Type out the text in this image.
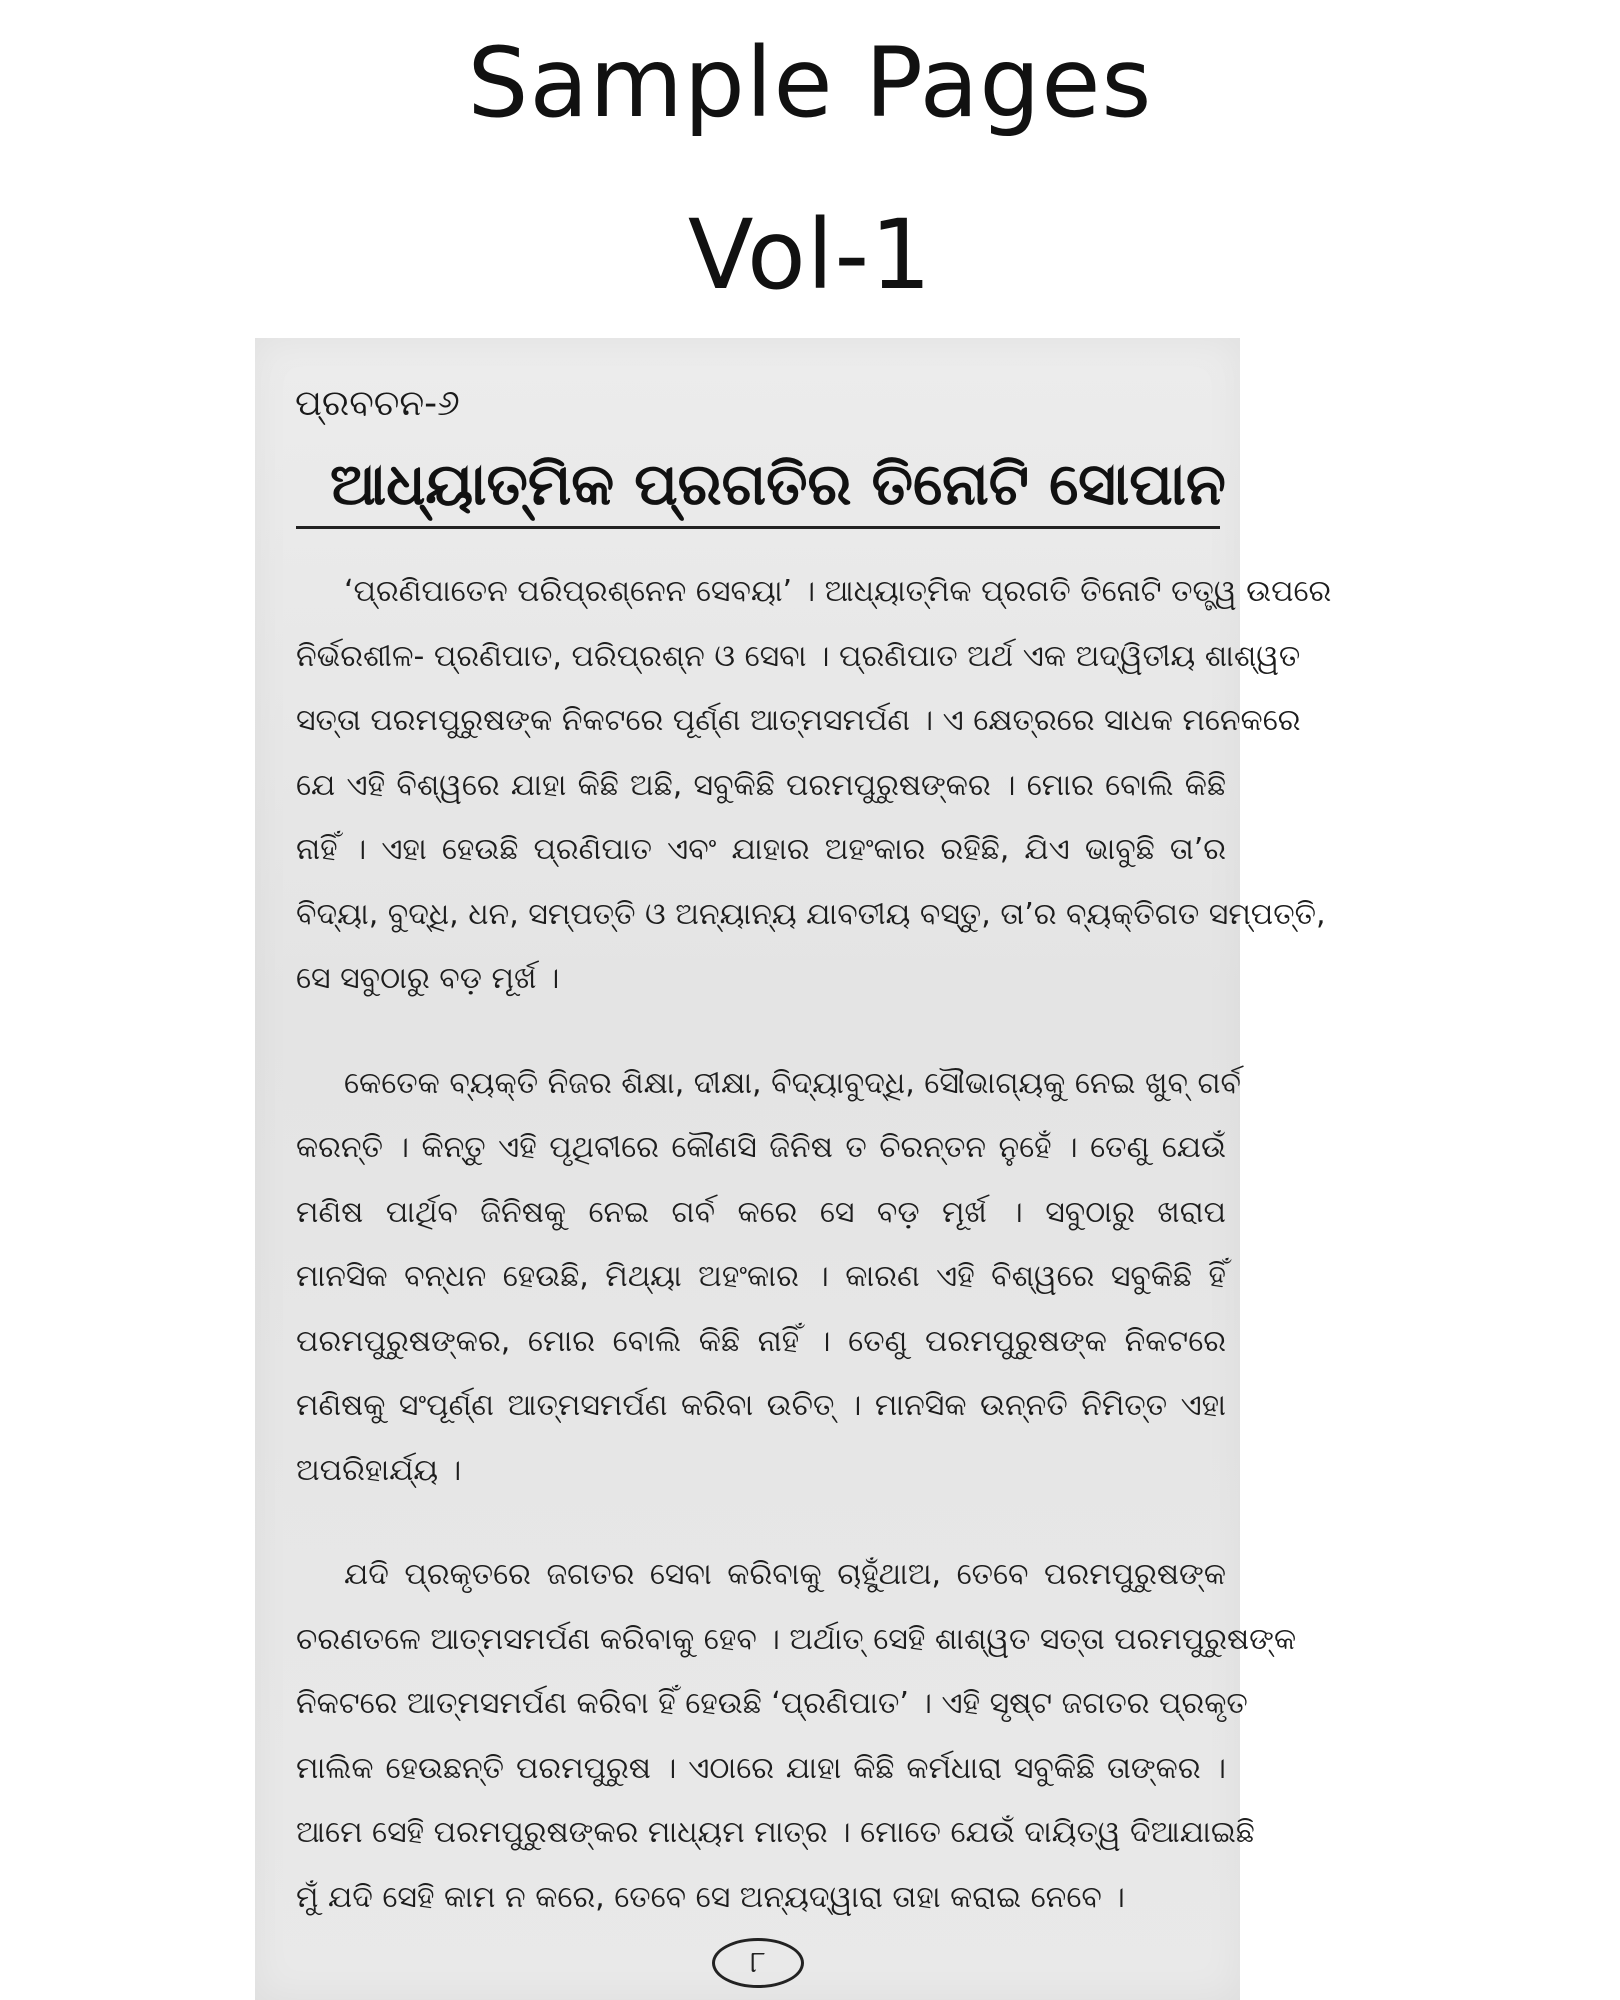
Sample Pages
Vol-1
ପ୍ରବଚନ-୬
ଆଧ୍ୟାତ୍ମିକ ପ୍ରଗତିର ତିନୋଟି ସୋପାନ
‘ପ୍ରଣିପାତେନ ପରିପ୍ରଶ୍ନେନ ସେବୟା’ । ଆଧ୍ୟାତ୍ମିକ ପ୍ରଗତି ତିନୋଟି ତତ୍ତ୍ୱ ଉପରେ
ନିର୍ଭରଶୀଳ- ପ୍ରଣିପାତ, ପରିପ୍ରଶ୍ନ ଓ ସେବା । ପ୍ରଣିପାତ ଅର୍ଥ ଏକ ଅଦ୍ୱିତୀୟ ଶାଶ୍ୱତ
ସତ୍ତା ପରମପୁରୁଷଙ୍କ ନିକଟରେ ପୂର୍ଣ୍ଣ ଆତ୍ମସମର୍ପଣ । ଏ କ୍ଷେତ୍ରରେ ସାଧକ ମନେକରେ
ଯେ ଏହି ବିଶ୍ୱରେ ଯାହା କିଛି ଅଛି, ସବୁକିଛି ପରମପୁରୁଷଙ୍କର । ମୋର ବୋଲି କିଛି
ନାହିଁ । ଏହା ହେଉଛି ପ୍ରଣିପାତ ଏବଂ ଯାହାର ଅହଂକାର ରହିଛି, ଯିଏ ଭାବୁଛି ତା’ର
ବିଦ୍ୟା, ବୁଦ୍ଧି, ଧନ, ସମ୍ପତ୍ତି ଓ ଅନ୍ୟାନ୍ୟ ଯାବତୀୟ ବସ୍ତୁ, ତା’ର ବ୍ୟକ୍ତିଗତ ସମ୍ପତ୍ତି,
ସେ ସବୁଠାରୁ ବଡ଼ ମୂର୍ଖ ।
କେତେକ ବ୍ୟକ୍ତି ନିଜର ଶିକ୍ଷା, ଦୀକ୍ଷା, ବିଦ୍ୟାବୁଦ୍ଧି, ସୌଭାଗ୍ୟକୁ ନେଇ ଖୁବ୍ ଗର୍ବ
କରନ୍ତି । କିନ୍ତୁ ଏହି ପୃଥିବୀରେ କୌଣସି ଜିନିଷ ତ ଚିରନ୍ତନ ନୁହେଁ । ତେଣୁ ଯେଉଁ
ମଣିଷ ପାର୍ଥିବ ଜିନିଷକୁ ନେଇ ଗର୍ବ କରେ ସେ ବଡ଼ ମୂର୍ଖ । ସବୁଠାରୁ ଖରାପ
ମାନସିକ ବନ୍ଧନ ହେଉଛି, ମିଥ୍ୟା ଅହଂକାର । କାରଣ ଏହି ବିଶ୍ୱରେ ସବୁକିଛି ହିଁ
ପରମପୁରୁଷଙ୍କର, ମୋର ବୋଲି କିଛି ନାହିଁ । ତେଣୁ ପରମପୁରୁଷଙ୍କ ନିକଟରେ
ମଣିଷକୁ ସଂପୂର୍ଣ୍ଣ ଆତ୍ମସମର୍ପଣ କରିବା ଉଚିତ୍ । ମାନସିକ ଉନ୍ନତି ନିମିତ୍ତ ଏହା
ଅପରିହାର୍ଯ୍ୟ ।
ଯଦି ପ୍ରକୃତରେ ଜଗତର ସେବା କରିବାକୁ ଚାହୁଁଥାଅ, ତେବେ ପରମପୁରୁଷଙ୍କ
ଚରଣତଳେ ଆତ୍ମସମର୍ପଣ କରିବାକୁ ହେବ । ଅର୍ଥାତ୍ ସେହି ଶାଶ୍ୱତ ସତ୍ତା ପରମପୁରୁଷଙ୍କ
ନିକଟରେ ଆତ୍ମସମର୍ପଣ କରିବା ହିଁ ହେଉଛି ‘ପ୍ରଣିପାତ’ । ଏହି ସୃଷ୍ଟ ଜଗତର ପ୍ରକୃତ
ମାଲିକ ହେଉଛନ୍ତି ପରମପୁରୁଷ । ଏଠାରେ ଯାହା କିଛି କର୍ମଧାରା ସବୁକିଛି ତାଙ୍କର ।
ଆମେ ସେହି ପରମପୁରୁଷଙ୍କର ମାଧ୍ୟମ ମାତ୍ର । ମୋତେ ଯେଉଁ ଦାୟିତ୍ୱ ଦିଆଯାଇଛି
ମୁଁ ଯଦି ସେହି କାମ ନ କରେ, ତେବେ ସେ ଅନ୍ୟଦ୍ୱାରା ତାହା କରାଇ ନେବେ ।
୮
